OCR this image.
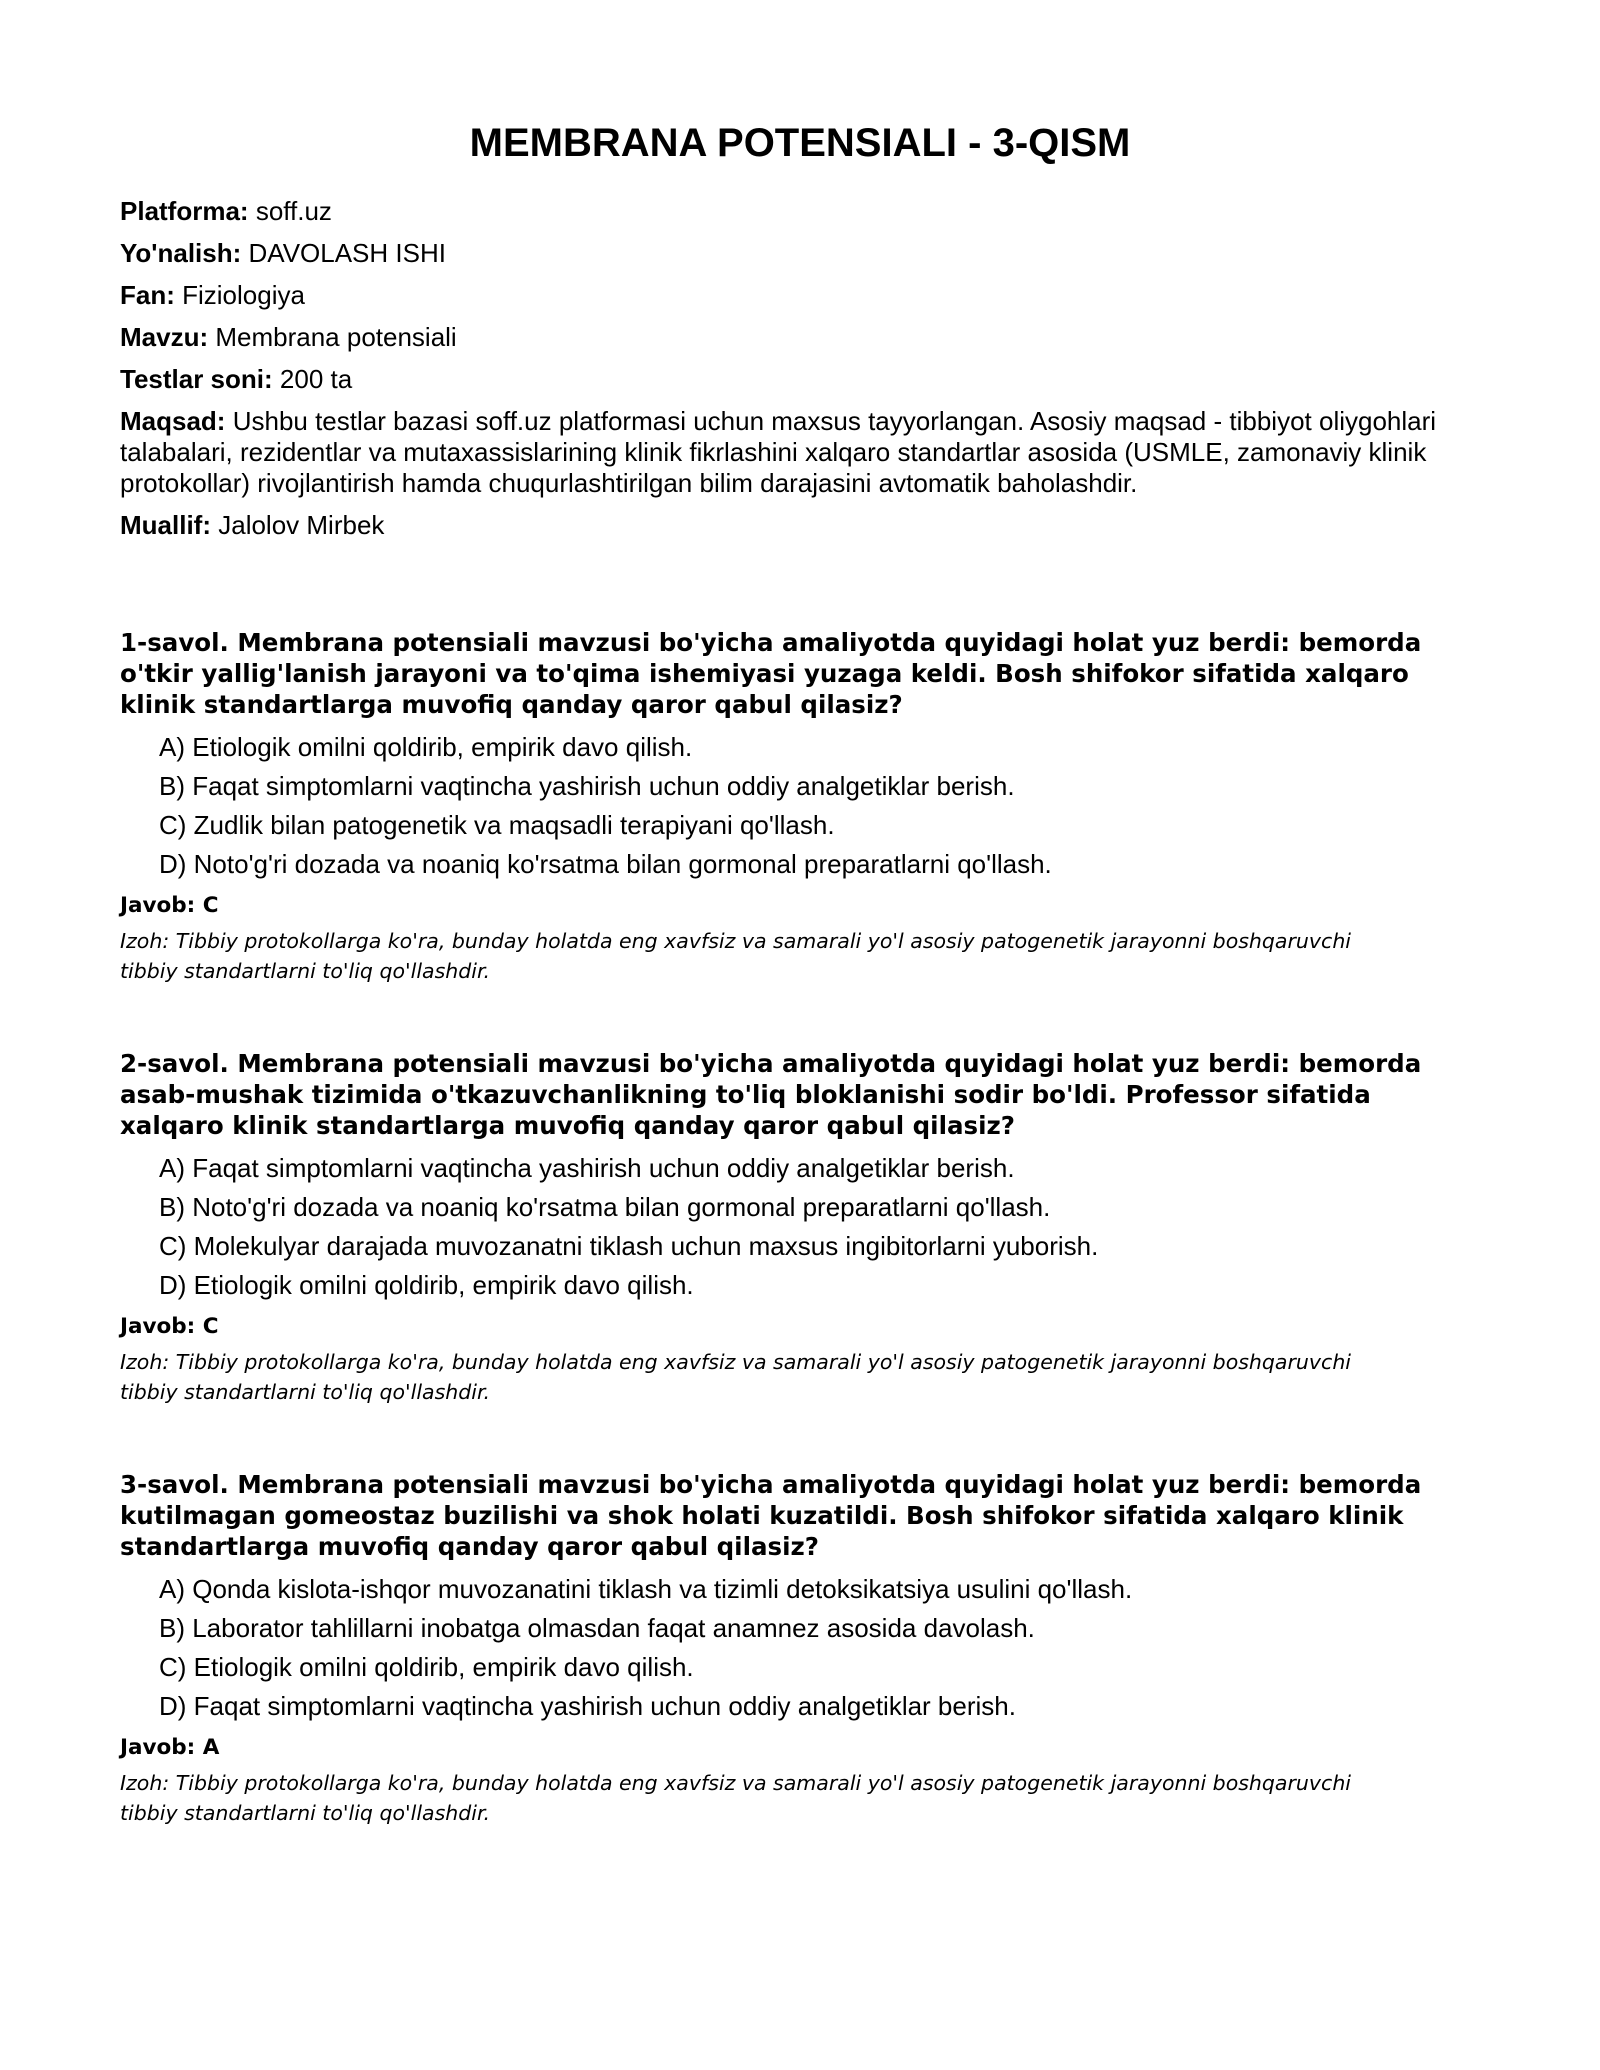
MEMBRANA POTENSIALI - 3-QISM

Platforma: soff.uz

Yo'nalish: DAVOLASH ISHI

Fan: Fiziologiya

Mavzu: Membrana potensiali

Testlar soni: 200 ta

Maqsad: Ushbu testlar bazasi soff.uz platformasi uchun maxsus tayyorlangan. Asosiy maqsad - tibbiyot oliygohlari talabalari, rezidentlar va mutaxassislarining klinik fikrlashini xalqaro standartlar asosida (USMLE, zamonaviy klinik protokollar) rivojlantirish hamda chuqurlashtirilgan bilim darajasini avtomatik baholashdir.

Muallif: Jalolov Mirbek

1-savol. Membrana potensiali mavzusi bo'yicha amaliyotda quyidagi holat yuz berdi: bemorda o'tkir yallig'lanish jarayoni va to'qima ishemiyasi yuzaga keldi. Bosh shifokor sifatida xalqaro klinik standartlarga muvofiq qanday qaror qabul qilasiz?

A) Etiologik omilni qoldirib, empirik davo qilish.

B) Faqat simptomlarni vaqtincha yashirish uchun oddiy analgetiklar berish.

C) Zudlik bilan patogenetik va maqsadli terapiyani qo'llash.

D) Noto'g'ri dozada va noaniq ko'rsatma bilan gormonal preparatlarni qo'llash.

Javob: C

Izoh: Tibbiy protokollarga ko'ra, bunday holatda eng xavfsiz va samarali yo'l asosiy patogenetik jarayonni boshqaruvchi tibbiy standartlarni to'liq qo'llashdir.

2-savol. Membrana potensiali mavzusi bo'yicha amaliyotda quyidagi holat yuz berdi: bemorda asab-mushak tizimida o'tkazuvchanlikning to'liq bloklanishi sodir bo'ldi. Professor sifatida xalqaro klinik standartlarga muvofiq qanday qaror qabul qilasiz?

A) Faqat simptomlarni vaqtincha yashirish uchun oddiy analgetiklar berish.

B) Noto'g'ri dozada va noaniq ko'rsatma bilan gormonal preparatlarni qo'llash.

C) Molekulyar darajada muvozanatni tiklash uchun maxsus ingibitorlarni yuborish.

D) Etiologik omilni qoldirib, empirik davo qilish.

Javob: C

Izoh: Tibbiy protokollarga ko'ra, bunday holatda eng xavfsiz va samarali yo'l asosiy patogenetik jarayonni boshqaruvchi tibbiy standartlarni to'liq qo'llashdir.

3-savol. Membrana potensiali mavzusi bo'yicha amaliyotda quyidagi holat yuz berdi: bemorda kutilmagan gomeostaz buzilishi va shok holati kuzatildi. Bosh shifokor sifatida xalqaro klinik standartlarga muvofiq qanday qaror qabul qilasiz?

A) Qonda kislota-ishqor muvozanatini tiklash va tizimli detoksikatsiya usulini qo'llash.

B) Laborator tahlillarni inobatga olmasdan faqat anamnez asosida davolash.

C) Etiologik omilni qoldirib, empirik davo qilish.

D) Faqat simptomlarni vaqtincha yashirish uchun oddiy analgetiklar berish.

Javob: A

Izoh: Tibbiy protokollarga ko'ra, bunday holatda eng xavfsiz va samarali yo'l asosiy patogenetik jarayonni boshqaruvchi tibbiy standartlarni to'liq qo'llashdir.
